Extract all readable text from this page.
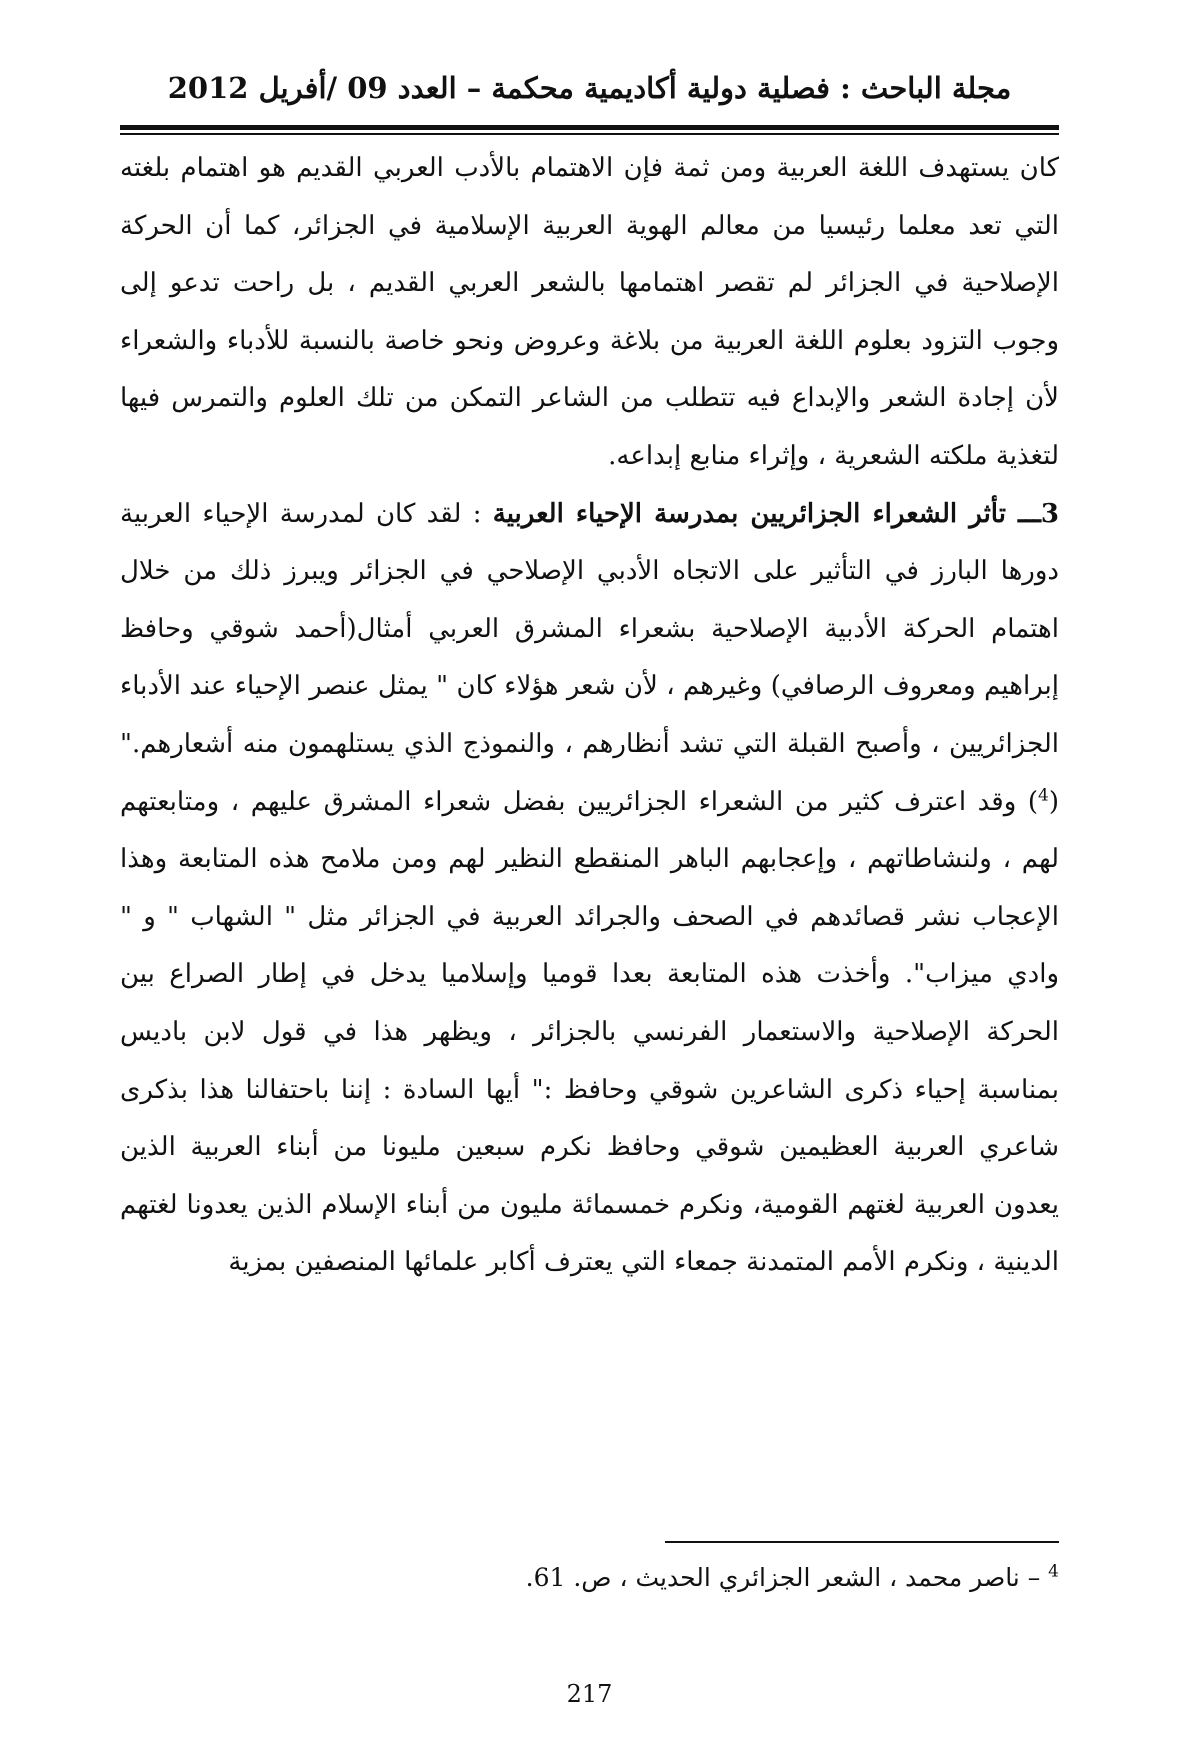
مجلة الباحث : فصلية دولية أكاديمية محكمة – العدد 09 /أفريل 2012

كان يستهدف اللغة العربية ومن ثمة فإن الاهتمام بالأدب العربي القديم هو اهتمام بلغته التي تعد معلما رئيسيا من معالم الهوية العربية الإسلامية في الجزائر، كما أن الحركة الإصلاحية في الجزائر لم تقصر اهتمامها بالشعر العربي القديم ، بل راحت تدعو إلى وجوب التزود بعلوم اللغة العربية من بلاغة وعروض ونحو خاصة بالنسبة للأدباء والشعراء لأن إجادة الشعر والإبداع فيه تتطلب من الشاعر التمكن من تلك العلوم والتمرس فيها لتغذية ملكته الشعرية ، وإثراء منابع إبداعه.

3ـــ تأثر الشعراء الجزائريين بمدرسة الإحياء العربية : لقد كان لمدرسة الإحياء العربية دورها البارز في التأثير على الاتجاه الأدبي الإصلاحي في الجزائر ويبرز ذلك من خلال اهتمام الحركة الأدبية الإصلاحية بشعراء المشرق العربي أمثال(أحمد شوقي وحافظ إبراهيم ومعروف الرصافي) وغيرهم ، لأن شعر هؤلاء كان " يمثل عنصر الإحياء عند الأدباء الجزائريين ، وأصبح القبلة التي تشد أنظارهم ، والنموذج الذي يستلهمون منه أشعارهم."($^4$) وقد اعترف كثير من الشعراء الجزائريين بفضل شعراء المشرق عليهم ، ومتابعتهم لهم ، ولنشاطاتهم ، وإعجابهم الباهر المنقطع النظير لهم ومن ملامح هذه المتابعة وهذا الإعجاب نشر قصائدهم في الصحف والجرائد العربية في الجزائر مثل " الشهاب " و " وادي ميزاب". وأخذت هذه المتابعة بعدا قوميا وإسلاميا يدخل في إطار الصراع بين الحركة الإصلاحية والاستعمار الفرنسي بالجزائر ، ويظهر هذا في قول لابن باديس بمناسبة إحياء ذكرى الشاعرين شوقي وحافظ :" أيها السادة : إننا باحتفالنا هذا بذكرى شاعري العربية العظيمين شوقي وحافظ نكرم سبعين مليونا من أبناء العربية الذين يعدون العربية لغتهم القومية، ونكرم خمسمائة مليون من أبناء الإسلام الذين يعدونا لغتهم الدينية ، ونكرم الأمم المتمدنة جمعاء التي يعترف أكابر علمائها المنصفين بمزية

$^4$ – ناصر محمد ، الشعر الجزائري الحديث ، ص. 61.
217
